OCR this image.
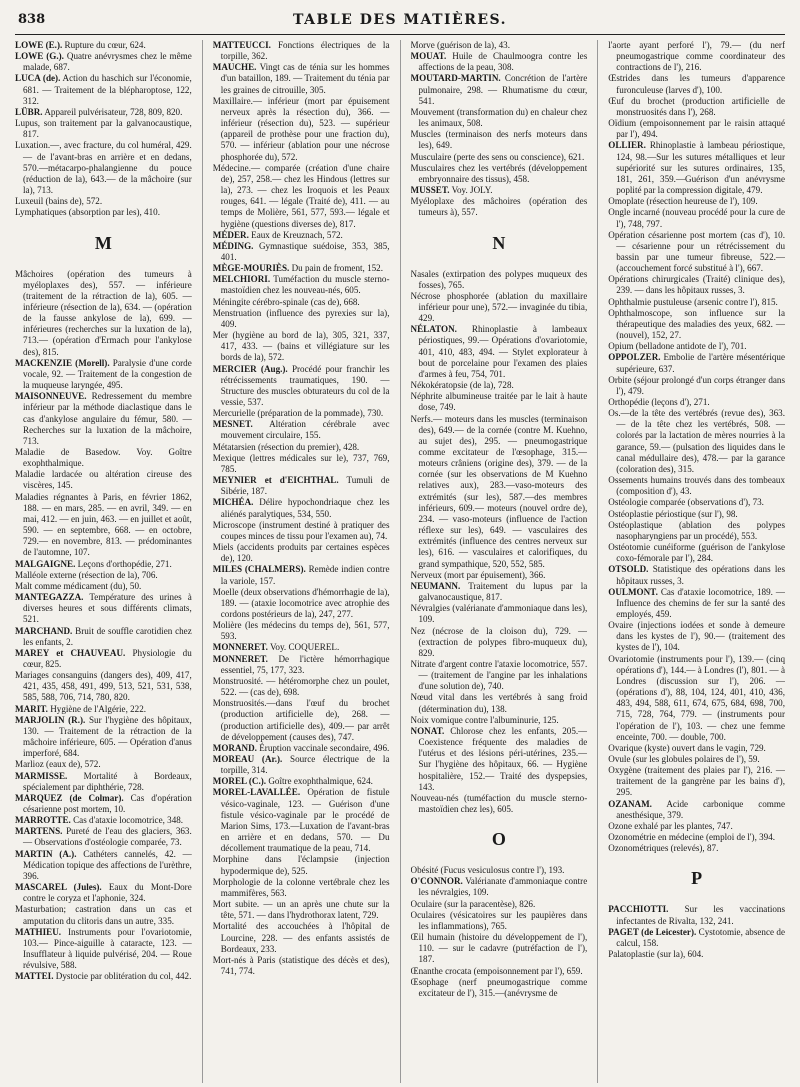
838	TABLE DES MATIÈRES.

LOWE (E.). Rupture du cœur, 624.

LOWE (G.). Quatre anévrysmes chez le même malade, 687.

LUCA (de). Action du haschich sur l'économie, 681. — Traitement de la blépharoptose, 122, 312.

LÜBR. Appareil pulvérisateur, 728, 809, 820.

Lupus, son traitement par la galvanocaustique, 817.

Luxation.—, avec fracture, du col huméral, 429.— de l'avant-bras en arrière et en dedans, 570.—métacarpo-phalangienne du pouce (réduction de la), 643.— de la mâchoire (sur la), 713.

Luxeuil (bains de), 572.

Lymphatiques (absorption par les), 410.

M

Mâchoires (opération des tumeurs à myéloplaxes des), 557. — inférieure (traitement de la rétraction de la), 605. — inférieure (résection de la), 634. — (opération de la fausse ankylose de la), 699. — inférieures (recherches sur la luxation de la), 713.— (opération d'Ermach pour l'ankylose des), 815.

MACKENZIE (Morell). Paralysie d'une corde vocale, 92. — Traitement de la congestion de la muqueuse laryngée, 495.

MAISONNEUVE. Redressement du membre inférieur par la méthode diaclastique dans le cas d'ankylose angulaire du fémur, 580. — Recherches sur la luxation de la mâchoire, 713.

Maladie de Basedow. Voy. Goître exophthalmique.

Maladie lardacée ou altération cireuse des viscères, 145.

Maladies régnantes à Paris, en février 1862, 188. — en mars, 285. — en avril, 349. — en mai, 412. — en juin, 463. — en juillet et août, 590. — en septembre, 668. — en octobre, 729.— en novembre, 813. — prédominantes de l'automne, 107.

MALGAIGNE. Leçons d'orthopédie, 271.

Malléole externe (résection de la), 706.

Malt comme médicament (du), 50.

MANTEGAZZA. Température des urines à diverses heures et sous différents climats, 521.

MARCHAND. Bruit de souffle carotidien chez les enfants, 2.

MAREY et CHAUVEAU. Physiologie du cœur, 825.

Mariages consanguins (dangers des), 409, 417, 421, 435, 458, 491, 499, 513, 521, 531, 538, 585, 588, 706, 714, 780, 820.

MARIT. Hygiène de l'Algérie, 222.

MARJOLIN (R.). Sur l'hygiène des hôpitaux, 130. — Traitement de la rétraction de la mâchoire inférieure, 605. — Opération d'anus imperforé, 684.

Marlioz (eaux de), 572.

MARMISSE. Mortalité à Bordeaux, spécialement par diphthérie, 728.

MARQUEZ (de Colmar). Cas d'opération césarienne post mortem, 10.

MARROTTE. Cas d'ataxie locomotrice, 348.

MARTENS. Pureté de l'eau des glaciers, 363.— Observations d'ostéologie comparée, 73.

MARTIN (A.). Cathéters cannelés, 42. — Médication topique des affections de l'urèthre, 396.

MASCAREL (Jules). Eaux du Mont-Dore contre le coryza et l'aphonie, 324.

Masturbation; castration dans un cas et amputation du clitoris dans un autre, 335.

MATHIEU. Instruments pour l'ovariotomie, 103.— Pince-aiguille à cataracte, 123. —Insufflateur à liquide pulvérisé, 204. — Roue révulsive, 588.

MATTEI. Dystocie par oblitération du col, 442.

MATTEUCCI. Fonctions électriques de la torpille, 362.

MAUCHE. Vingt cas de ténia sur les hommes d'un bataillon, 189. — Traitement du ténia par les graines de citrouille, 305.

Maxillaire.— inférieur (mort par épuisement nerveux après la résection du), 366. — inférieur (résection du), 523. — supérieur (appareil de prothèse pour une fraction du), 570. — inférieur (ablation pour une nécrose phosphorée du), 572.

Médecine.— comparée (création d'une chaire de), 257, 258.— chez les Hindous (lettres sur la), 273. — chez les Iroquois et les Peaux rouges, 641. — légale (Traité de), 411. — au temps de Molière, 561, 577, 593.— légale et hygiène (questions diverses de), 817.

MÉDER. Eaux de Kreuznach, 572.

MÉDING. Gymnastique suédoise, 353, 385, 401.

MÈGE-MOURIÈS. Du pain de froment, 152.

MELCHIORI. Tuméfaction du muscle sterno-mastoïdien chez les nouveau-nés, 605.

Méningite cérébro-spinale (cas de), 668.

Menstruation (influence des pyrexies sur la), 409.

Mer (hygiène au bord de la), 305, 321, 337, 417, 433. — (bains et villégiature sur les bords de la), 572.

MERCIER (Aug.). Procédé pour franchir les rétrécissements traumatiques, 190. — Structure des muscles obturateurs du col de la vessie, 537.

Mercurielle (préparation de la pommade), 730.

MESNET. Altération cérébrale avec mouvement circulaire, 155.

Métatarsien (résection du premier), 428.

Mexique (lettres médicales sur le), 737, 769, 785.

MEYNIER et d'EICHTHAL. Tumuli de Sibérie, 187.

MICHÉA. Délire hypochondriaque chez les aliénés paralytiques, 534, 550.

Microscope (instrument destiné à pratiquer des coupes minces de tissu pour l'examen au), 74.

Miels (accidents produits par certaines espèces de), 120.

MILES (CHALMERS). Remède indien contre la variole, 157.

Moelle (deux observations d'hémorrhagie de la), 189. — (ataxie locomotrice avec atrophie des cordons postérieurs de la), 247, 277.

Molière (les médecins du temps de), 561, 577, 593.

MONNERET. Voy. COQUEREL.

MONNERET. De l'ictère hémorrhagique essentiel, 75, 177, 323.

Monstruosité. — hétéromorphe chez un poulet, 522. — (cas de), 698.

Monstruosités.—dans l'œuf du brochet (production artificielle de), 268. — (production artificielle des), 409.— par arrêt de développement (causes des), 747.

MORAND. Éruption vaccinale secondaire, 496.

MOREAU (Ar.). Source électrique de la torpille, 314.

MOREL (C.). Goître exophthalmique, 624.

MOREL-LAVALLÉE. Opération de fistule vésico-vaginale, 123. — Guérison d'une fistule vésico-vaginale par le procédé de Marion Sims, 173.—Luxation de l'avant-bras en arrière et en dedans, 570. — Du décollement traumatique de la peau, 714.

Morphine dans l'éclampsie (injection hypodermique de), 525.

Morphologie de la colonne vertébrale chez les mammifères, 563.

Mort subite. — un an après une chute sur la tête, 571. — dans l'hydrothorax latent, 729.

Mortalité des accouchées à l'hôpital de Lourcine, 228. — des enfants assistés de Bordeaux, 233.

Mort-nés à Paris (statistique des décès et des), 741, 774.

Morve (guérison de la), 43.

MOUAT. Huile de Chaulmoogra contre les affections de la peau, 308.

MOUTARD-MARTIN. Concrétion de l'artère pulmonaire, 298. — Rhumatisme du cœur, 541.

Mouvement (transformation du) en chaleur chez les animaux, 508.

Muscles (terminaison des nerfs moteurs dans les), 649.

Musculaire (perte des sens ou conscience), 621.

Musculaires chez les vertébrés (développement embryonnaire des tissus), 458.

MUSSET. Voy. JOLY.

Myéloplaxe des mâchoires (opération des tumeurs à), 557.

N

Nasales (extirpation des polypes muqueux des fosses), 765.

Nécrose phosphorée (ablation du maxillaire inférieur pour une), 572.— invaginée du tibia, 429.

NÉLATON. Rhinoplastie à lambeaux périostiques, 99.— Opérations d'ovariotomie, 401, 410, 483, 494. — Stylet explorateur à bout de porcelaine pour l'examen des plaies d'armes à feu, 754, 701.

Nékokératopsie (de la), 728.

Néphrite albumineuse traitée par le lait à haute dose, 749.

Nerfs.— moteurs dans les muscles (terminaison des), 649.— de la cornée (contre M. Kuehno, au sujet des), 295. — pneumogastrique comme excitateur de l'œsophage, 315.— moteurs crâniens (origine des), 379. — de la cornée (sur les observations de M Kuehno relatives aux), 283.—vaso-moteurs des extrémités (sur les), 587.—des membres inférieurs, 609.— moteurs (nouvel ordre de), 234. — vaso-moteurs (influence de l'action réflexe sur les), 649. — vasculaires des extrémités (influence des centres nerveux sur les), 616. — vasculaires et calorifiques, du grand sympathique, 520, 552, 585.

Nerveux (mort par épuisement), 366.

NEUMANN. Traitement du lupus par la galvanocaustique, 817.

Névralgies (valérianate d'ammoniaque dans les), 109.

Nez (nécrose de la cloison du), 729. — (extraction de polypes fibro-muqueux du), 829.

Nitrate d'argent contre l'ataxie locomotrice, 557. — (traitement de l'angine par les inhalations d'une solution de), 740.

Nœud vital dans les vertébrés à sang froid (détermination du), 138.

Noix vomique contre l'albuminurie, 125.

NONAT. Chlorose chez les enfants, 205.— Coexistence fréquente des maladies de l'utérus et des lésions péri-utérines, 235.— Sur l'hygiène des hôpitaux, 66. — Hygiène hospitalière, 152.— Traité des dyspepsies, 143.

Nouveau-nés (tuméfaction du muscle sterno-mastoïdien chez les), 605.

O

Obésité (Fucus vesiculosus contre l'), 193.

O'CONNOR. Valérianate d'ammoniaque contre les névralgies, 109.

Oculaire (sur la paracentèse), 826.

Oculaires (vésicatoires sur les paupières dans les inflammations), 765.

Œil humain (histoire du développement de l'), 110. — sur le cadavre (putréfaction de l'), 187.

Œnanthe crocata (empoisonnement par l'), 659.

Œsophage (nerf pneumogastrique comme excitateur de l'), 315.—(anévrysme de

l'aorte ayant perforé l'), 79.— (du nerf pneumogastrique comme coordinateur des contractions de l'), 216.

Œstrides dans les tumeurs d'apparence furonculeuse (larves d'), 100.

Œuf du brochet (production artificielle de monstruosités dans l'), 268.

Oïdium (empoisonnement par le raisin attaqué par l'), 494.

OLLIER. Rhinoplastie à lambeau périostique, 124, 98.—Sur les sutures métalliques et leur supériorité sur les sutures ordinaires, 135, 181, 261, 359.—Guérison d'un anévrysme poplité par la compression digitale, 479.

Omoplate (résection heureuse de l'), 109.

Ongle incarné (nouveau procédé pour la cure de l'), 748, 797.

Opération césarienne post mortem (cas d'), 10. — césarienne pour un rétrécissement du bassin par une tumeur fibreuse, 522.— (accouchement forcé substitué à l'), 667.

Opérations chirurgicales (Traité) clinique des), 239. — dans les hôpitaux russes, 3.

Ophthalmie pustuleuse (arsenic contre l'), 815.

Ophthalmoscope, son influence sur la thérapeutique des maladies des yeux, 682. — (nouvel), 152, 27.

Opium (belladone antidote de l'), 701.

OPPOLZER. Embolie de l'artère mésentérique supérieure, 637.

Orbite (séjour prolongé d'un corps étranger dans l'), 479.

Orthopédie (leçons d'), 271.

Os.—de la tête des vertébrés (revue des), 363. — de la tête chez les vertébrés, 508. — colorés par la lactation de mères nourries à la garance, 59.— (pulsation des liquides dans le canal médullaire des), 478.— par la garance (coloration des), 315.

Ossements humains trouvés dans des tombeaux (composition d'), 43.

Ostéologie comparée (observations d'), 73.

Ostéoplastie périostique (sur l'), 98.

Ostéoplastique (ablation des polypes nasopharyngiens par un procédé), 553.

Ostéotomie cunéiforme (guérison de l'ankylose coxo-fémorale par l'), 284.

OTSOLD. Statistique des opérations dans les hôpitaux russes, 3.

OULMONT. Cas d'ataxie locomotrice, 189. —Influence des chemins de fer sur la santé des employés, 459.

Ovaire (injections iodées et sonde à demeure dans les kystes de l'), 90.— (traitement des kystes de l'), 104.

Ovariotomie (instruments pour l'), 139.— (cinq opérations d'), 144.— à Londres (l'), 801. — à Londres (discussion sur l'), 206. — (opérations d'), 88, 104, 124, 401, 410, 436, 483, 494, 588, 611, 674, 675, 684, 698, 700, 715, 728, 764, 779. — (instruments pour l'opération de l'), 103. — chez une femme enceinte, 700. — double, 700.

Ovarique (kyste) ouvert dans le vagin, 729.

Ovule (sur les globules polaires de l'), 59.

Oxygène (traitement des plaies par l'), 216. — traitement de la gangrène par les bains d'), 295.

OZANAM. Acide carbonique comme anesthésique, 379.

Ozone exhalé par les plantes, 747.

Ozonométrie en médecine (emploi de l'), 394.

Ozonométriques (relevés), 87.

P

PACCHIOTTI. Sur les vaccinations infectantes de Rivalta, 132, 241.

PAGET (de Leicester). Cystotomie, absence de calcul, 158.

Palatoplastie (sur la), 604.
